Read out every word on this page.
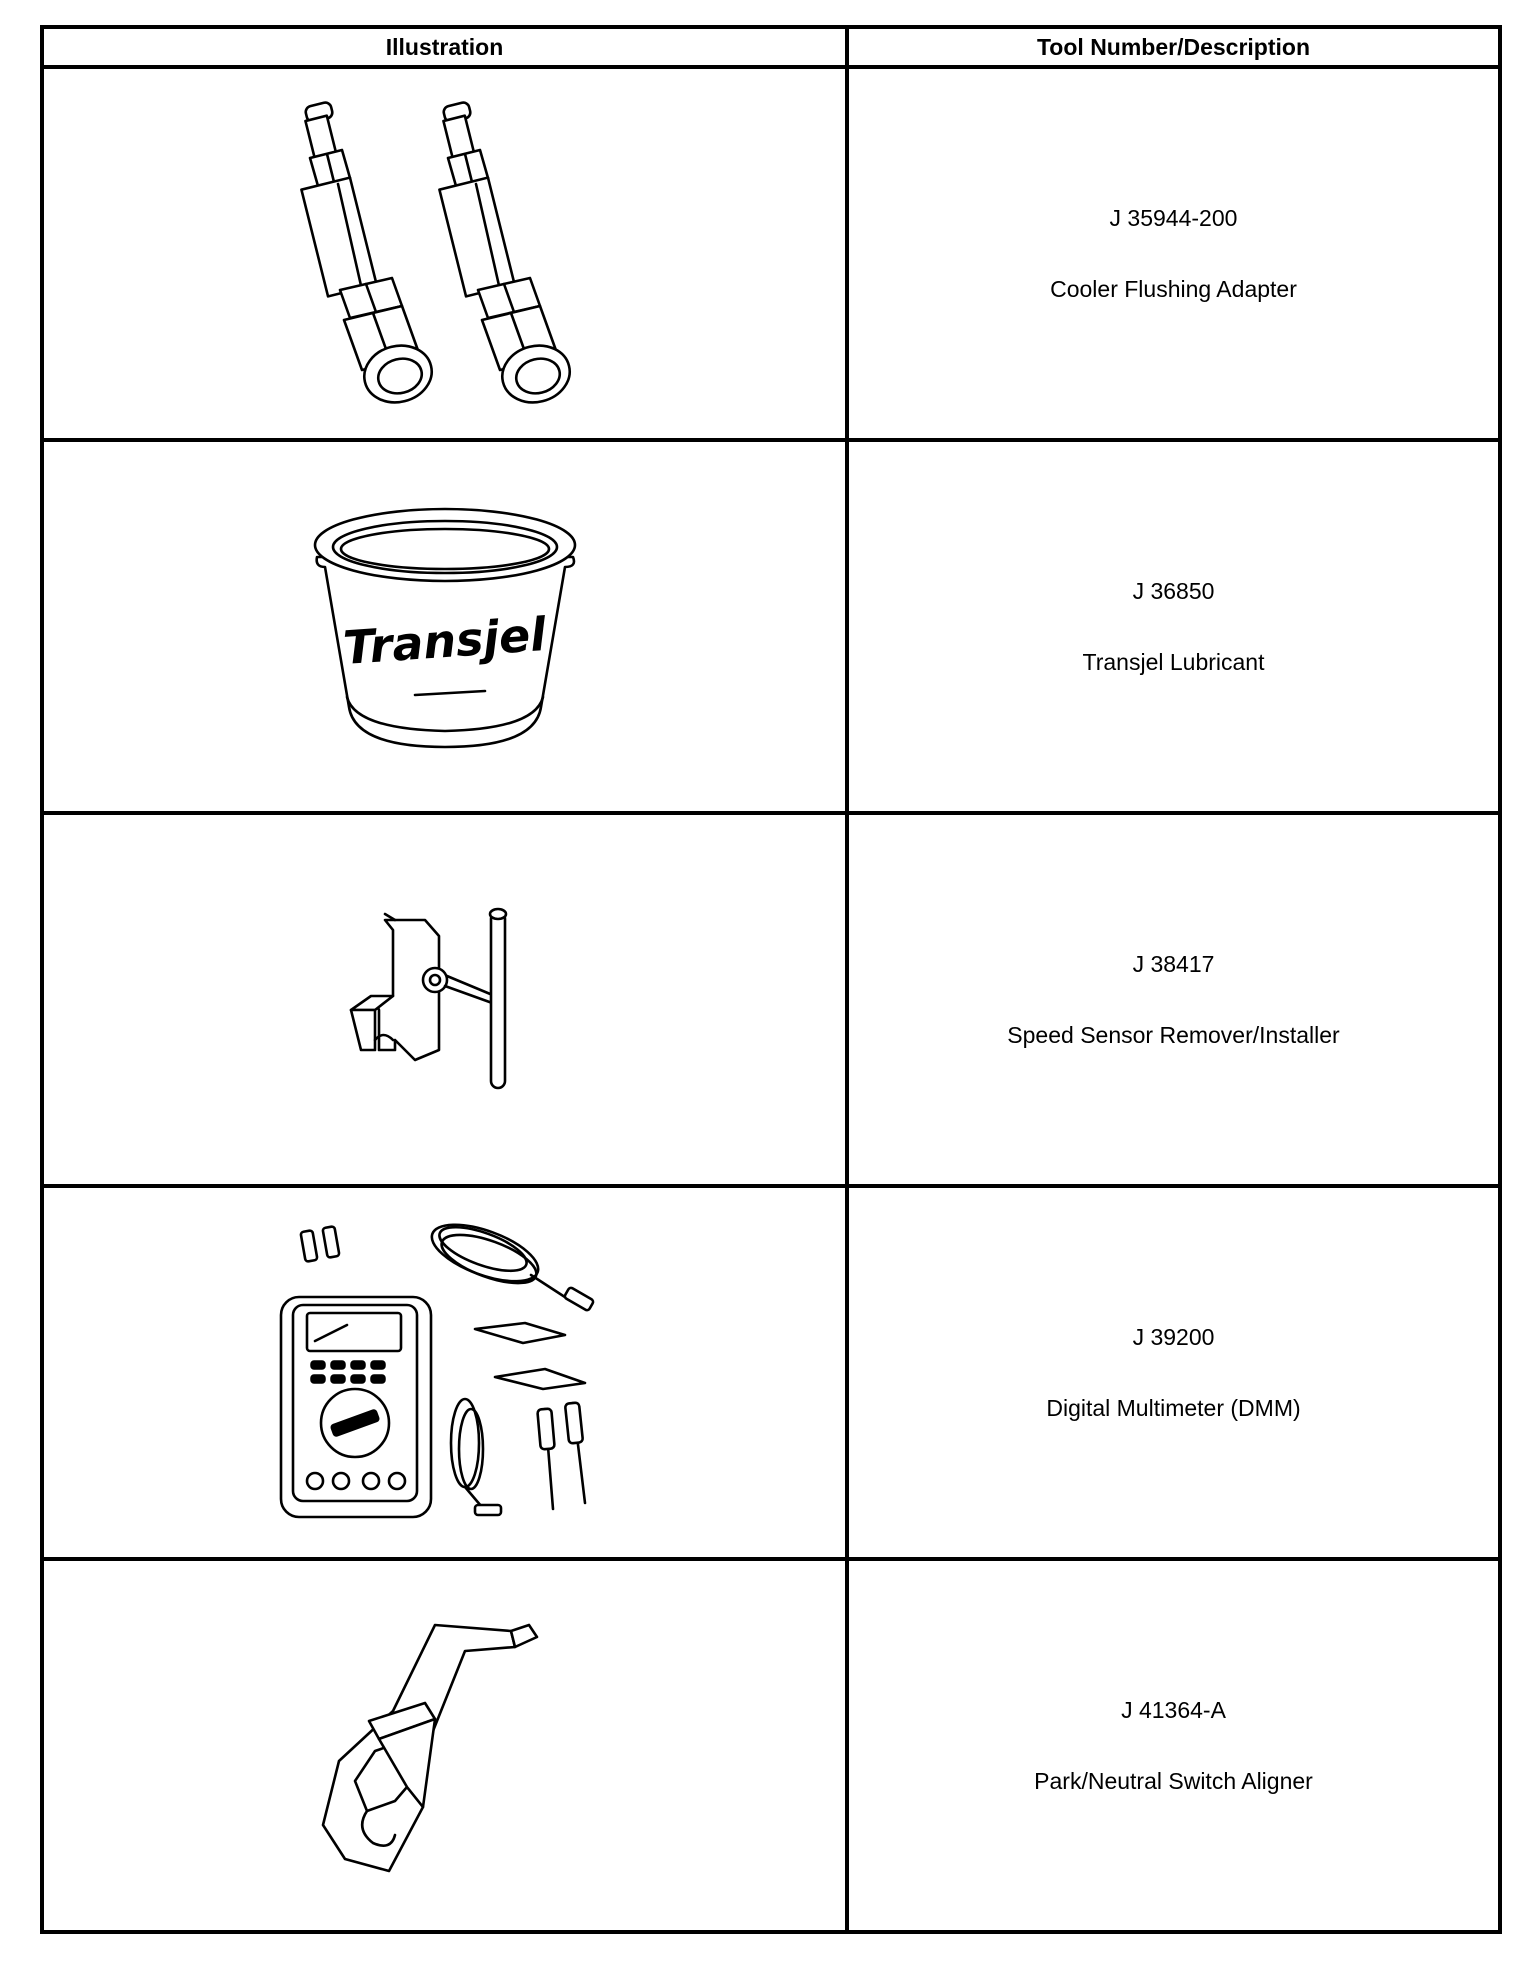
Illustration	Tool Number/Description

J 35944-200
Cooler Flushing Adapter

Transjel	J 36850
Transjel Lubricant

J 38417
Speed Sensor Remover/Installer

J 39200
Digital Multimeter (DMM)

J 41364-A
Park/Neutral Switch Aligner
